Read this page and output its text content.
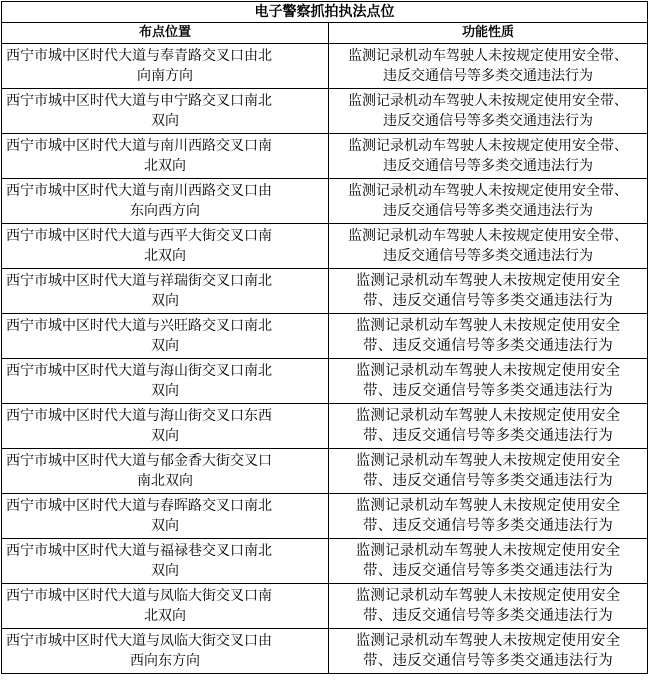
电子警察抓拍执法点位	
布点位置	功能性质

西宁市城中区时代大道与奉青路交叉口由北
向南方向	监测记录机动车驾驶人未按规定使用安全带、
违反交通信号等多类交通违法行为

西宁市城中区时代大道与申宁路交叉口南北
双向	监测记录机动车驾驶人未按规定使用安全带、
违反交通信号等多类交通违法行为

西宁市城中区时代大道与南川西路交叉口南
北双向	监测记录机动车驾驶人未按规定使用安全带、
违反交通信号等多类交通违法行为

西宁市城中区时代大道与南川西路交叉口由
东向西方向	监测记录机动车驾驶人未按规定使用安全带、
违反交通信号等多类交通违法行为

西宁市城中区时代大道与西平大街交叉口南
北双向	监测记录机动车驾驶人未按规定使用安全带、
违反交通信号等多类交通违法行为

西宁市城中区时代大道与祥瑞街交叉口南北
双向	监测记录机动车驾驶人未按规定使用安全
带、违反交通信号等多类交通违法行为

西宁市城中区时代大道与兴旺路交叉口南北
双向	监测记录机动车驾驶人未按规定使用安全
带、违反交通信号等多类交通违法行为

西宁市城中区时代大道与海山街交叉口南北
双向	监测记录机动车驾驶人未按规定使用安全
带、违反交通信号等多类交通违法行为

西宁市城中区时代大道与海山街交叉口东西
双向	监测记录机动车驾驶人未按规定使用安全
带、违反交通信号等多类交通违法行为

西宁市城中区时代大道与郁金香大街交叉口
南北双向	监测记录机动车驾驶人未按规定使用安全
带、违反交通信号等多类交通违法行为

西宁市城中区时代大道与春晖路交叉口南北
双向	监测记录机动车驾驶人未按规定使用安全
带、违反交通信号等多类交通违法行为

西宁市城中区时代大道与福禄巷交叉口南北
双向	监测记录机动车驾驶人未按规定使用安全
带、违反交通信号等多类交通违法行为

西宁市城中区时代大道与凤临大街交叉口南
北双向	监测记录机动车驾驶人未按规定使用安全
带、违反交通信号等多类交通违法行为

西宁市城中区时代大道与凤临大街交叉口由
西向东方向	监测记录机动车驾驶人未按规定使用安全
带、违反交通信号等多类交通违法行为
